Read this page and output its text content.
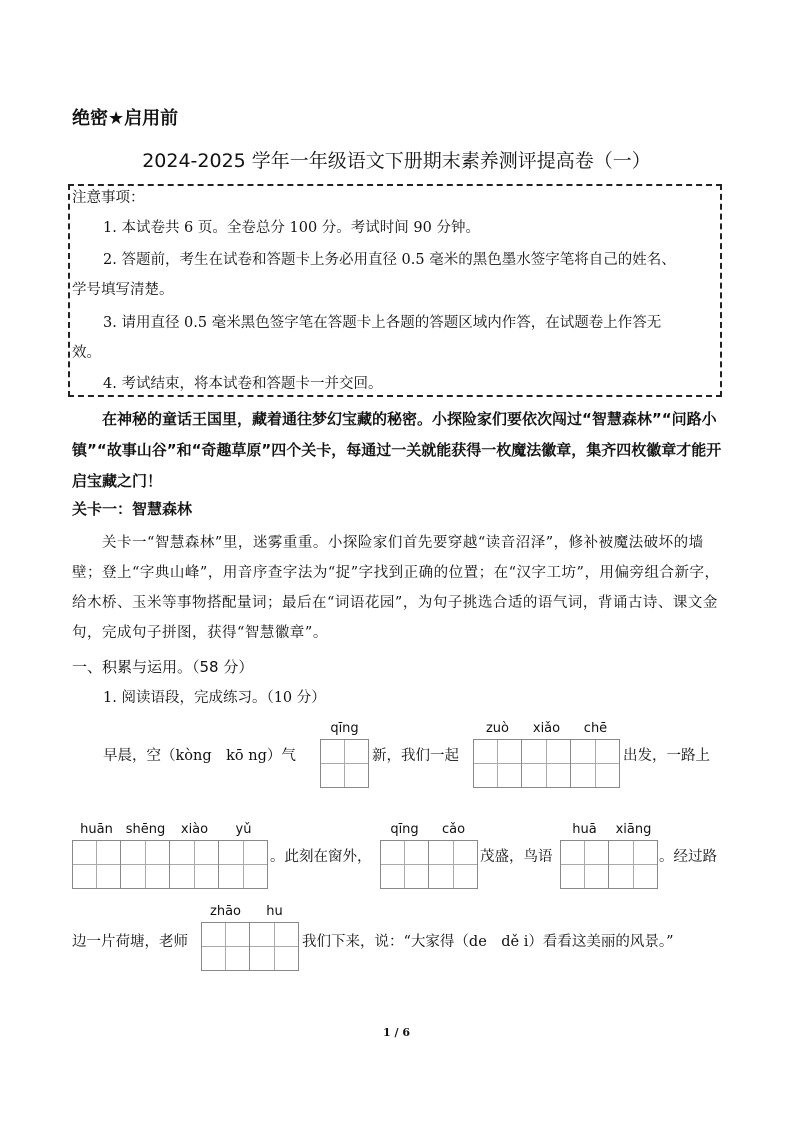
绝密★启用前
2024-2025 学年一年级语文下册期末素养测评提高卷（一）

注意事项：

1. 本试卷共 6 页。全卷总分 100 分。考试时间 90 分钟。

2. 答题前，考生在试卷和答题卡上务必用直径 0.5 毫米的黑色墨水签字笔将自己的姓名、

学号填写清楚。

3. 请用直径 0.5 毫米黑色签字笔在答题卡上各题的答题区域内作答，在试题卷上作答无

效。

4. 考试结束，将本试卷和答题卡一并交回。

在神秘的童话王国里，藏着通往梦幻宝藏的秘密。小探险家们要依次闯过“智慧森林”“问路小镇”“故事山谷”和“奇趣草原”四个关卡，每通过一关就能获得一枚魔法徽章，集齐四枚徽章才能开启宝藏之门！
关卡一：智慧森林
关卡一“智慧森林”里，迷雾重重。小探险家们首先要穿越“读音沼泽”，修补被魔法破坏的墙壁；登上“字典山峰”，用音序查字法为“捉”字找到正确的位置；在“汉字工坊”，用偏旁组合新字，给木桥、玉米等事物搭配量词；最后在“词语花园”，为句子挑选合适的语气词，背诵古诗、课文金句，完成句子拼图，获得“智慧徽章”。
一、积累与运用。（58 分）
1. 阅读语段，完成练习。（10 分）
早晨，空（kòng　kō ng）气
qīng
新，我们一起
zuò	xiǎo	chē
出发，一路上
huān shēng	xiào	yǔ
。此刻在窗外，
qīng	cǎo
茂盛，鸟语
huā	xiāng
。经过路
边一片荷塘，老师
zhāo	hu
我们下来，说：“大家得（de　dě i）看看这美丽的风景。”
1 / 6
